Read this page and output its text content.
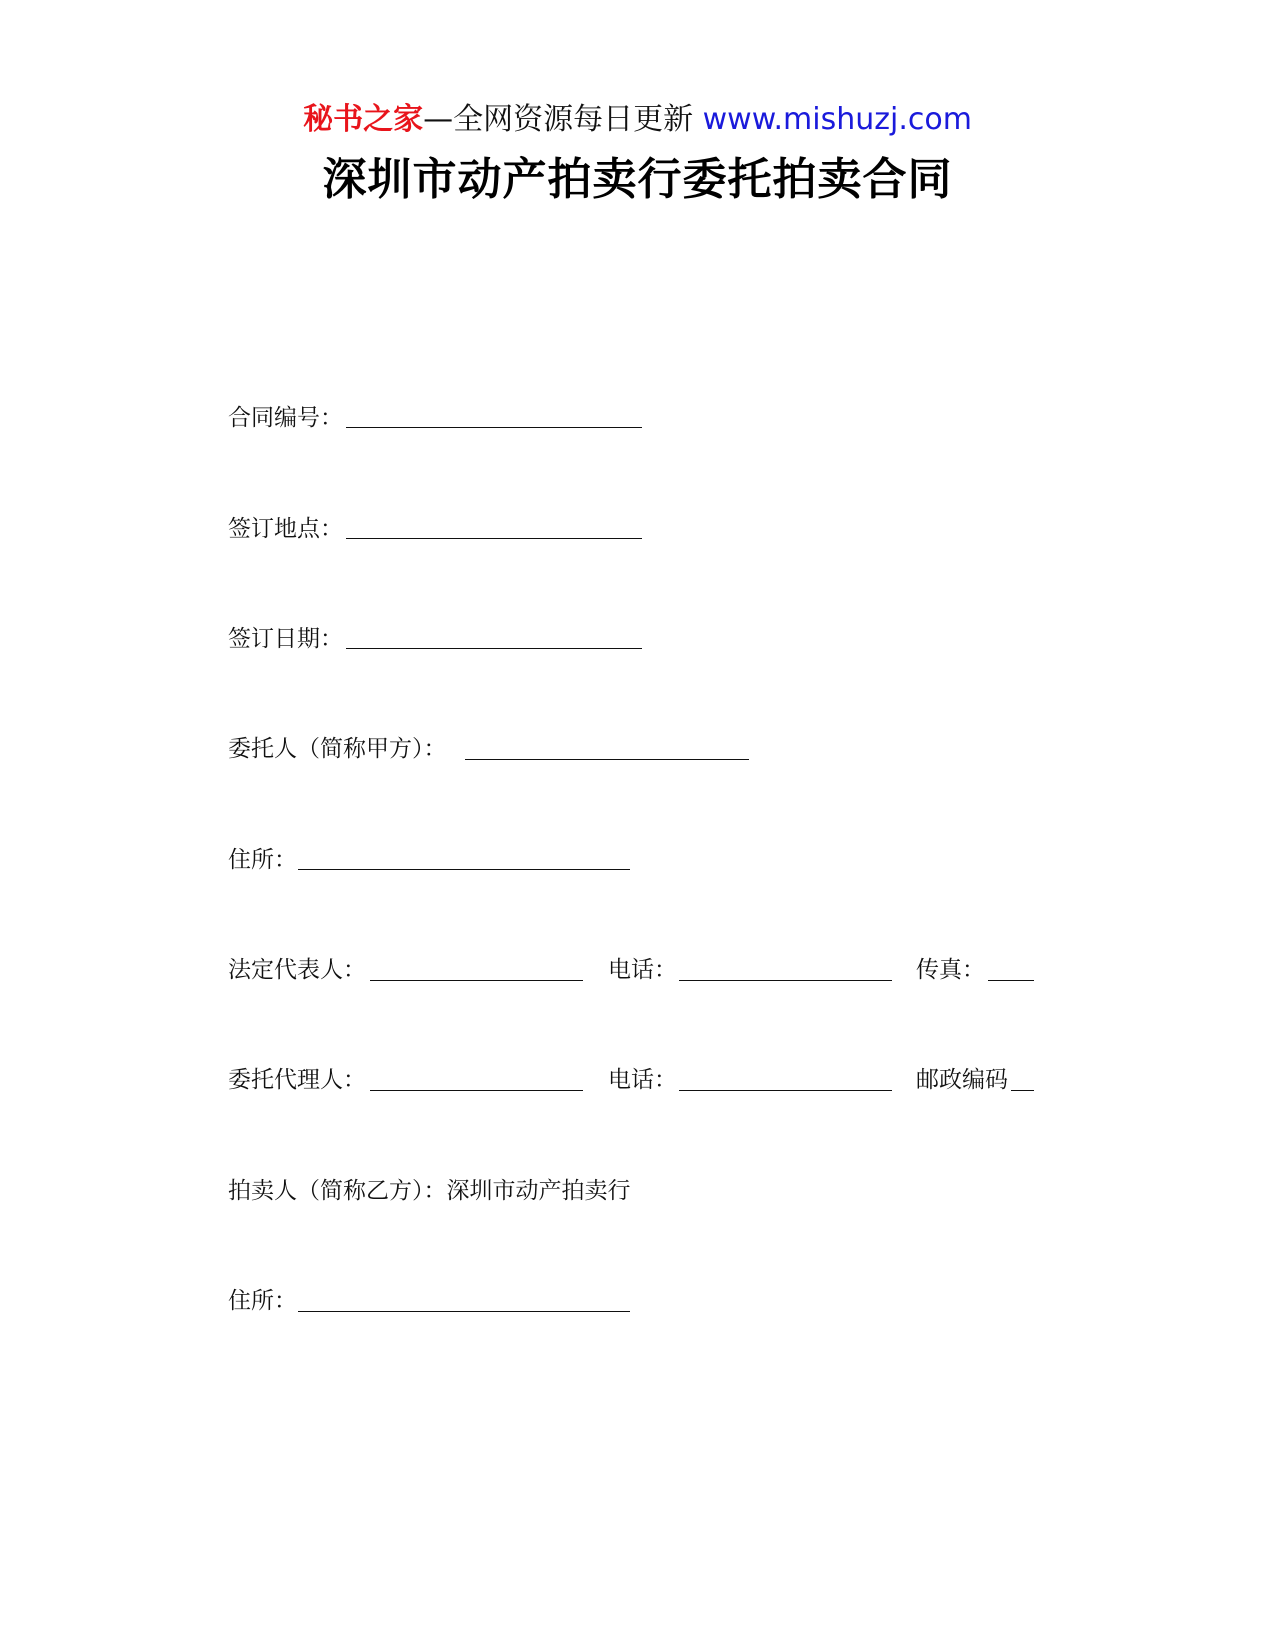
秘书之家—全网资源每日更新 www.mishuzj.com
深圳市动产拍卖行委托拍卖合同
合同编号：
签订地点：
签订日期：
委托人（简称甲方）：
住所：
法定代表人：	电话：	传真：
委托代理人：	电话：	邮政编码
拍卖人（简称乙方）：深圳市动产拍卖行
住所：
